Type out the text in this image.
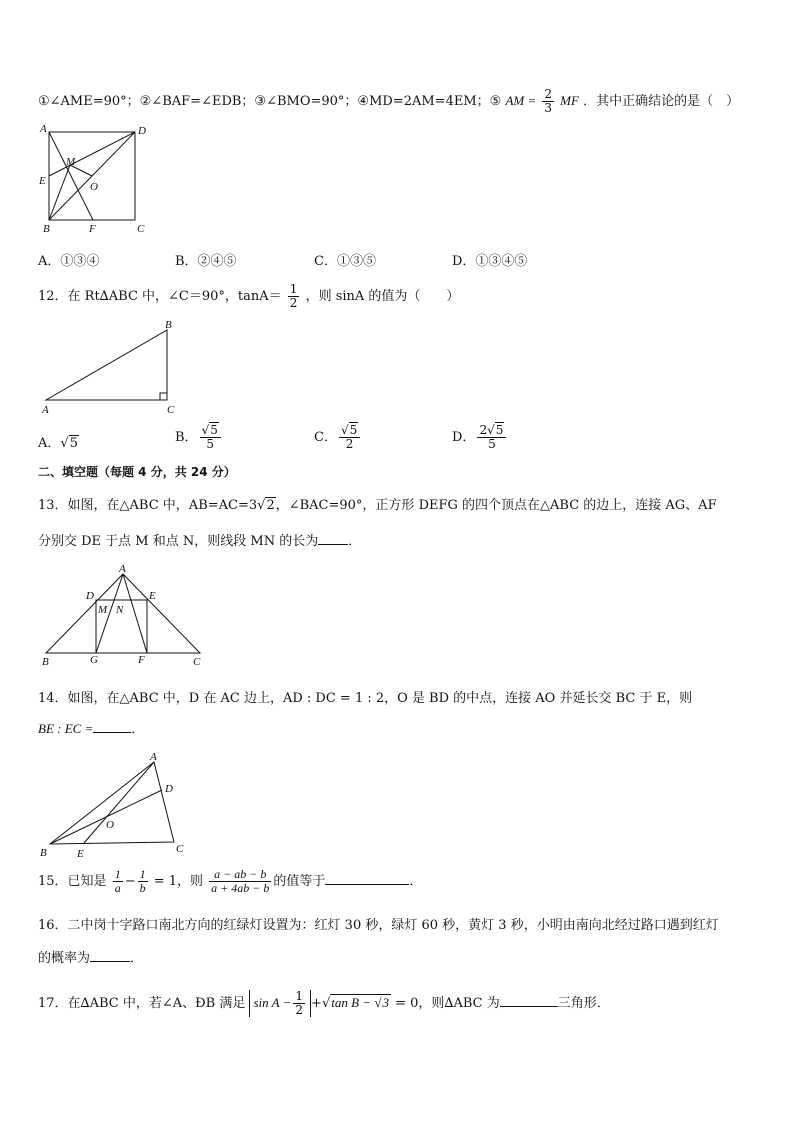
①∠AME=90°；②∠BAF=∠EDB；③∠BMO=90°；④MD=2AM=4EM；⑤ AM = $\frac{2}{3}$ MF ．其中正确结论的是（　）
A	D
M
E	O
B	F	C
A．①③④	B．②④⑤	C．①③⑤	D．①③④⑤
12．在 Rt∆ABC 中，∠C＝90°，$\tan A= \frac{1}{2}$ ，则 sinA 的值为（　　）
B
A	C
A．√5	B． $\frac{√5}{5}$	C． $\frac{√5}{2}$	D． $\frac{2√5}{5}$
二、填空题（每题 4 分，共 24 分）
13．如图，在△ABC 中，AB=AC=3√2，∠BAC=90°，正方形 DEFG 的四个顶点在△ABC 的边上，连接 AG、AF
分别交 DE 于点 M 和点 N，则线段 MN 的长为 ．
A
D	E
M N
B	G	F	C
14．如图，在△ABC 中，D 在 AC 边上，AD : DC = 1 : 2，O 是 BD 的中点，连接 AO 并延长交 BC 于 E，则
BE : EC =	．
A
D
O
B	E	C
15．已知是 $\frac{1}{a} - \frac{1}{b} = 1$，则 $\frac{a - ab - b}{a + 4ab - b}$ 的值等于	．
16．二中岗十字路口南北方向的红绿灯设置为：红灯 30 秒，绿灯 60 秒，黄灯 3 秒，小明由南向北经过路口遇到红灯
的概率为	．
17．在∆ABC 中，若∠A、ÐB 满足 $\sin A - \frac{1}{2} +√\tan$ B − √3 = 0，则∆ABC 为	三角形．
